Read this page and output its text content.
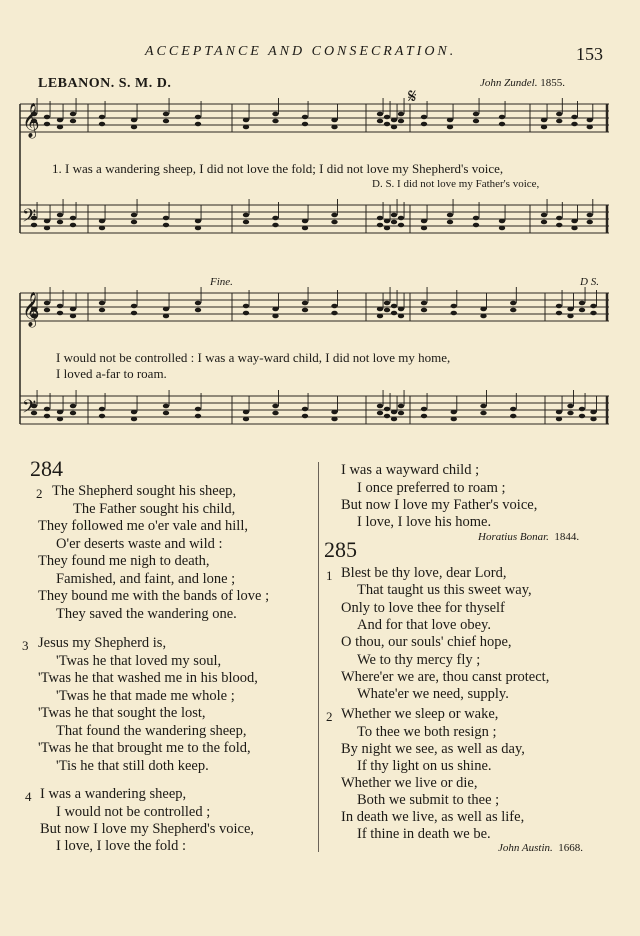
ACCEPTANCE AND CONSECRATION.	153
LEBANON. S. M. D.	John Zundel. 1855.
𝄞
𝄢
𝄞
𝄢
𝄋
1. I was a wandering sheep, I did not love the fold; I did not love my Shepherd's voice,
D. S. I did not love my Father's voice,
Fine.	D S.
I would not be controlled : I was a way-ward child, I did not love my home,
I loved a-far to roam.
284
2 The Shepherd sought his sheep,
The Father sought his child,
They followed me o'er vale and hill,
O'er deserts waste and wild :
They found me nigh to death,
Famished, and faint, and lone ;
They bound me with the bands of love ;
They saved the wandering one.
3 Jesus my Shepherd is,
'Twas he that loved my soul,
'Twas he that washed me in his blood,
'Twas he that made me whole ;
'Twas he that sought the lost,
That found the wandering sheep,
'Twas he that brought me to the fold,
'Tis he that still doth keep.
4 I was a wandering sheep,
I would not be controlled ;
But now I love my Shepherd's voice,
I love, I love the fold :
I was a wayward child ;
I once preferred to roam ;
But now I love my Father's voice,
I love, I love his home.
Horatius Bonar. 1844.
285
1 Blest be thy love, dear Lord,
That taught us this sweet way,
Only to love thee for thyself
And for that love obey.
O thou, our souls' chief hope,
We to thy mercy fly ;
Where'er we are, thou canst protect,
Whate'er we need, supply.
2 Whether we sleep or wake,
To thee we both resign ;
By night we see, as well as day,
If thy light on us shine.
Whether we live or die,
Both we submit to thee ;
In death we live, as well as life,
If thine in death we be.
John Austin. 1668.
